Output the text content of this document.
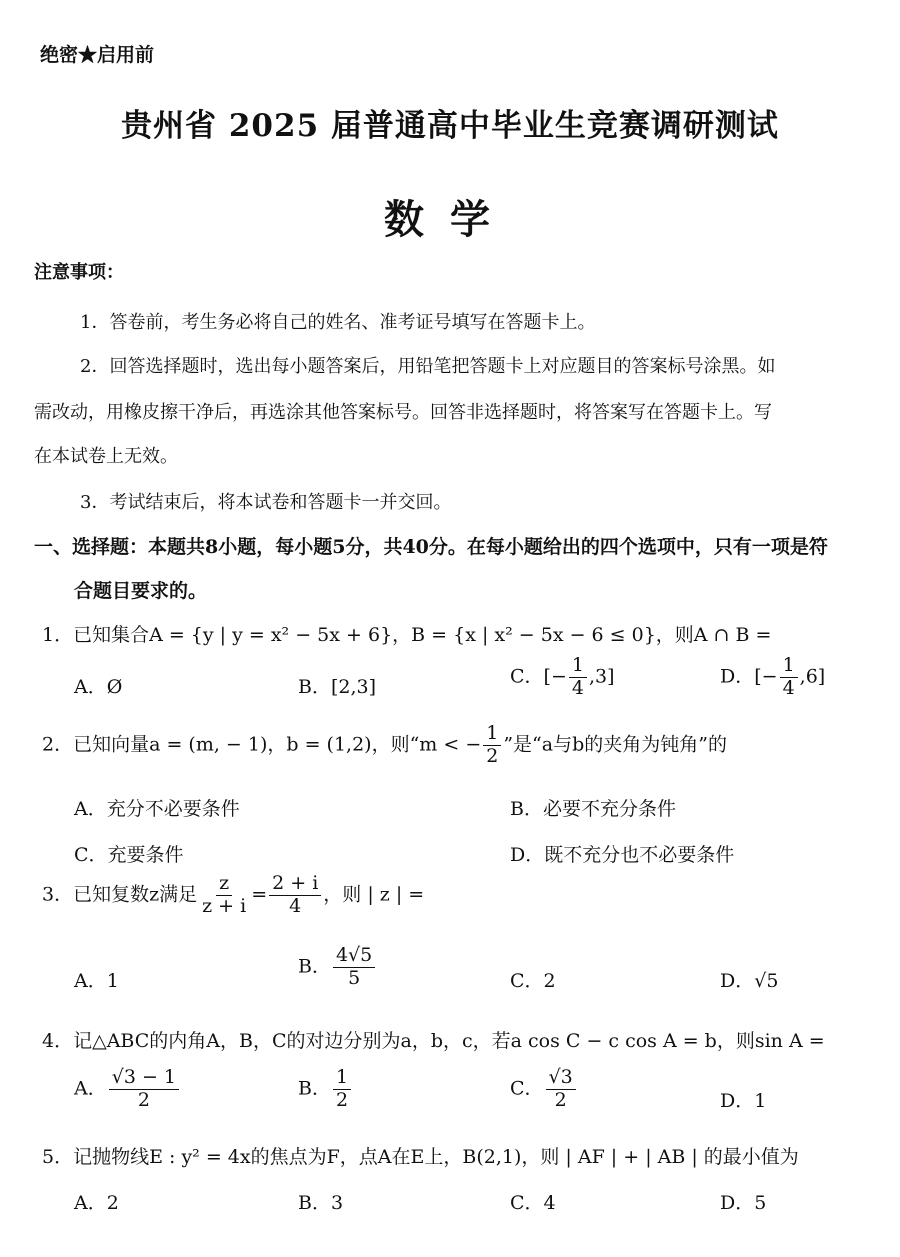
绝密★启用前
贵州省 2025 届普通高中毕业生竞赛调研测试
数学
注意事项：
1．答卷前，考生务必将自己的姓名、准考证号填写在答题卡上。
2．回答选择题时，选出每小题答案后，用铅笔把答题卡上对应题目的答案标号涂黑。如
需改动，用橡皮擦干净后，再选涂其他答案标号。回答非选择题时，将答案写在答题卡上。写
在本试卷上无效。
3．考试结束后，将本试卷和答题卡一并交回。
一、选择题：本题共8小题，每小题5分，共40分。在每小题给出的四个选项中，只有一项是符
合题目要求的。
1．已知集合A = {y | y = x² − 5x + 6}，B = {x | x² − 5x − 6 ≤ 0}，则A ∩ B =
A．Ø	B．[2,3]	C．[− $\frac{1}{4} ,3$]	D．[− $\frac{1}{4} ,6$]
2．已知向量a = (m, − 1)，b = (1,2)，则“m < − $\frac{1}{2}$ ”是“a与b的夹角为钝角”的
A．充分不必要条件	B．必要不充分条件
C．充要条件	D．既不充分也不必要条件
3．已知复数z满足 $\frac{z}{z + i} = \frac{2 + i}{4}$ ，则 | z | =
A．1
B． $\frac{4√5}{5}$	C．2	D．√5
4．记△ABC的内角A，B，C的对边分别为a，b，c，若a cos C − c cos A = b，则sin A =
A． $\frac{√3 - 1}{2}$	B． $\frac{1}{2}$	C． $\frac{√3}{2}$	D．1
5．记抛物线E : y² = 4x的焦点为F，点A在E上，B(2,1)，则 | AF | + | AB | 的最小值为
A．2	B．3	C．4	D．5
